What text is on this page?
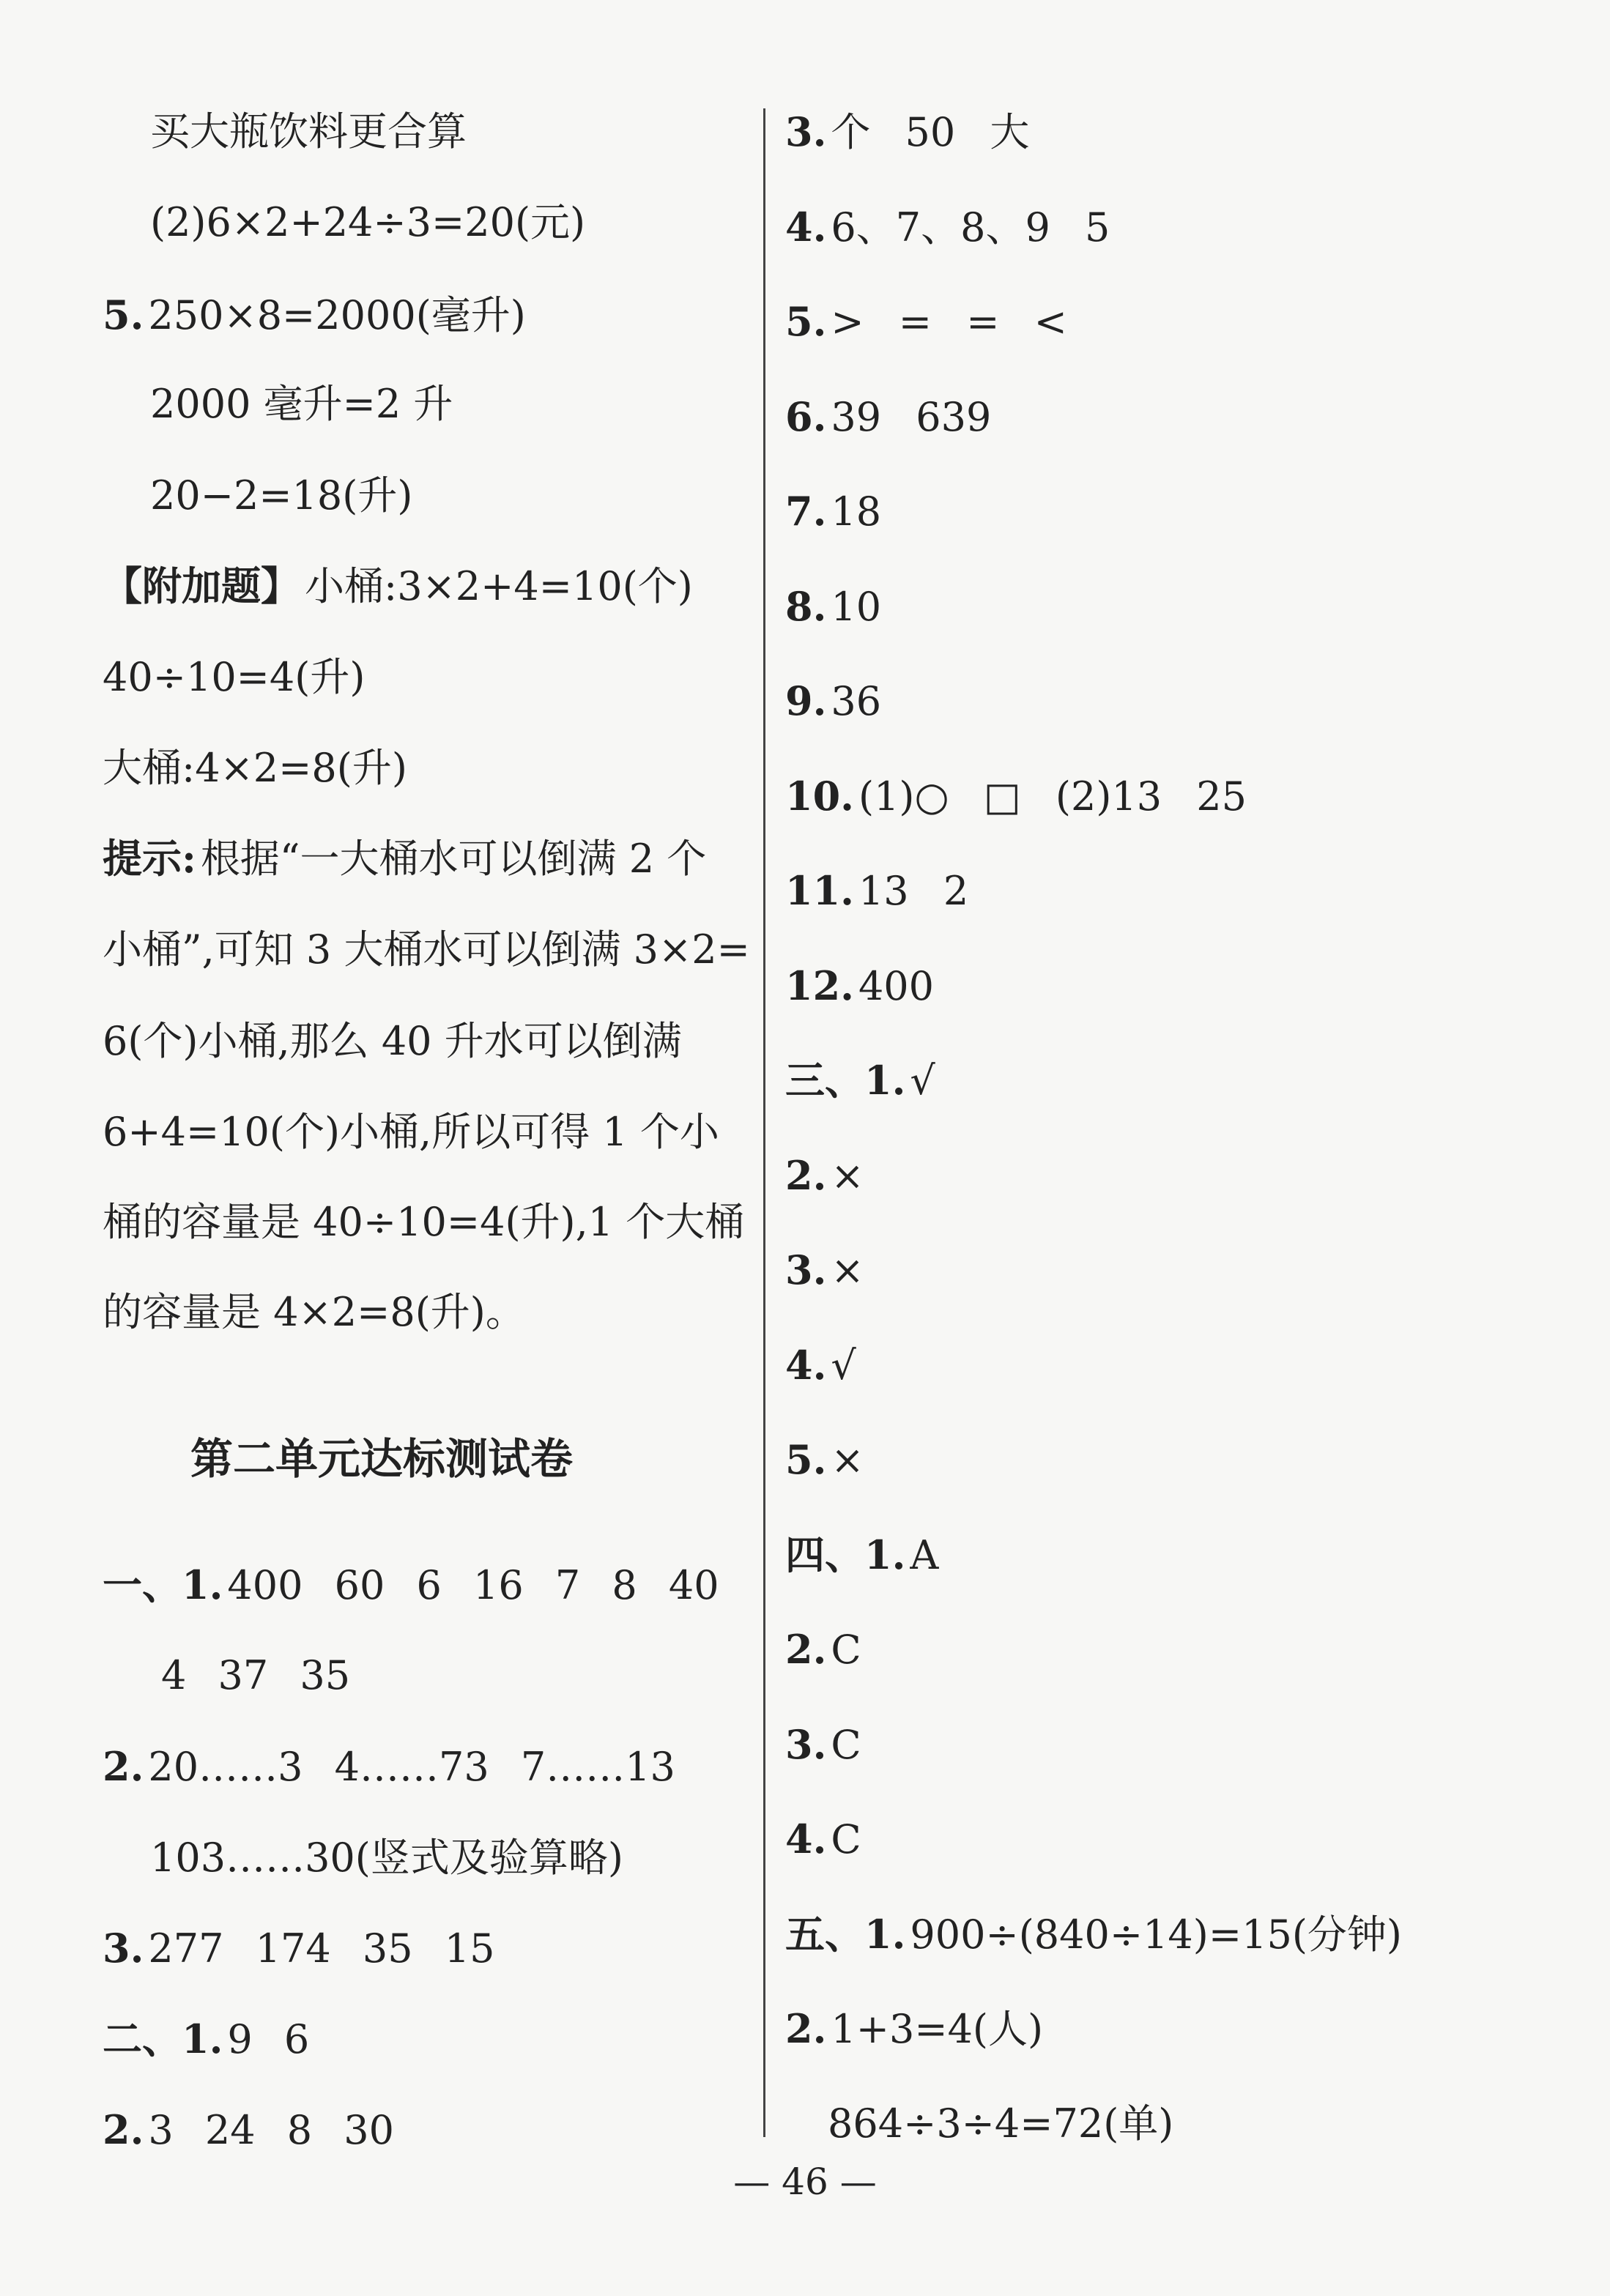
买大瓶饮料更合算
(2)6×2+24÷3=20(元)
5. 250×8=2000(毫升)
2000 毫升=2 升
20−2=18(升)
【附加题】 小桶:3×2+4=10(个)
40÷10=4(升)
大桶:4×2=8(升)
提示: 根据“一大桶水可以倒满 2 个
小桶”,可知 3 大桶水可以倒满 3×2=
6(个)小桶,那么 40 升水可以倒满
6+4=10(个)小桶,所以可得 1 个小
桶的容量是 40÷10=4(升),1 个大桶
的容量是 4×2=8(升)。
第二单元达标测试卷
一、1. 400 60 6 16 7 8 40
4 37 35
2. 20……3 4……73 7……13
103……30(竖式及验算略)
3. 277 174 35 15
二、1. 9 6
2. 3 24 8 30
3. 个 50 大
4. 6、7、8、9 5
5. > = = <
6. 39 639
7. 18
8. 10
9. 36
10. (1)○ □ (2)13 25
11. 13 2
12. 400
三、1. √
2. ×
3. ×
4. √
5. ×
四、1. A
2. C
3. C
4. C
五、1. 900÷(840÷14)=15(分钟)
2. 1+3=4(人)
864÷3÷4=72(单)
— 46 —
